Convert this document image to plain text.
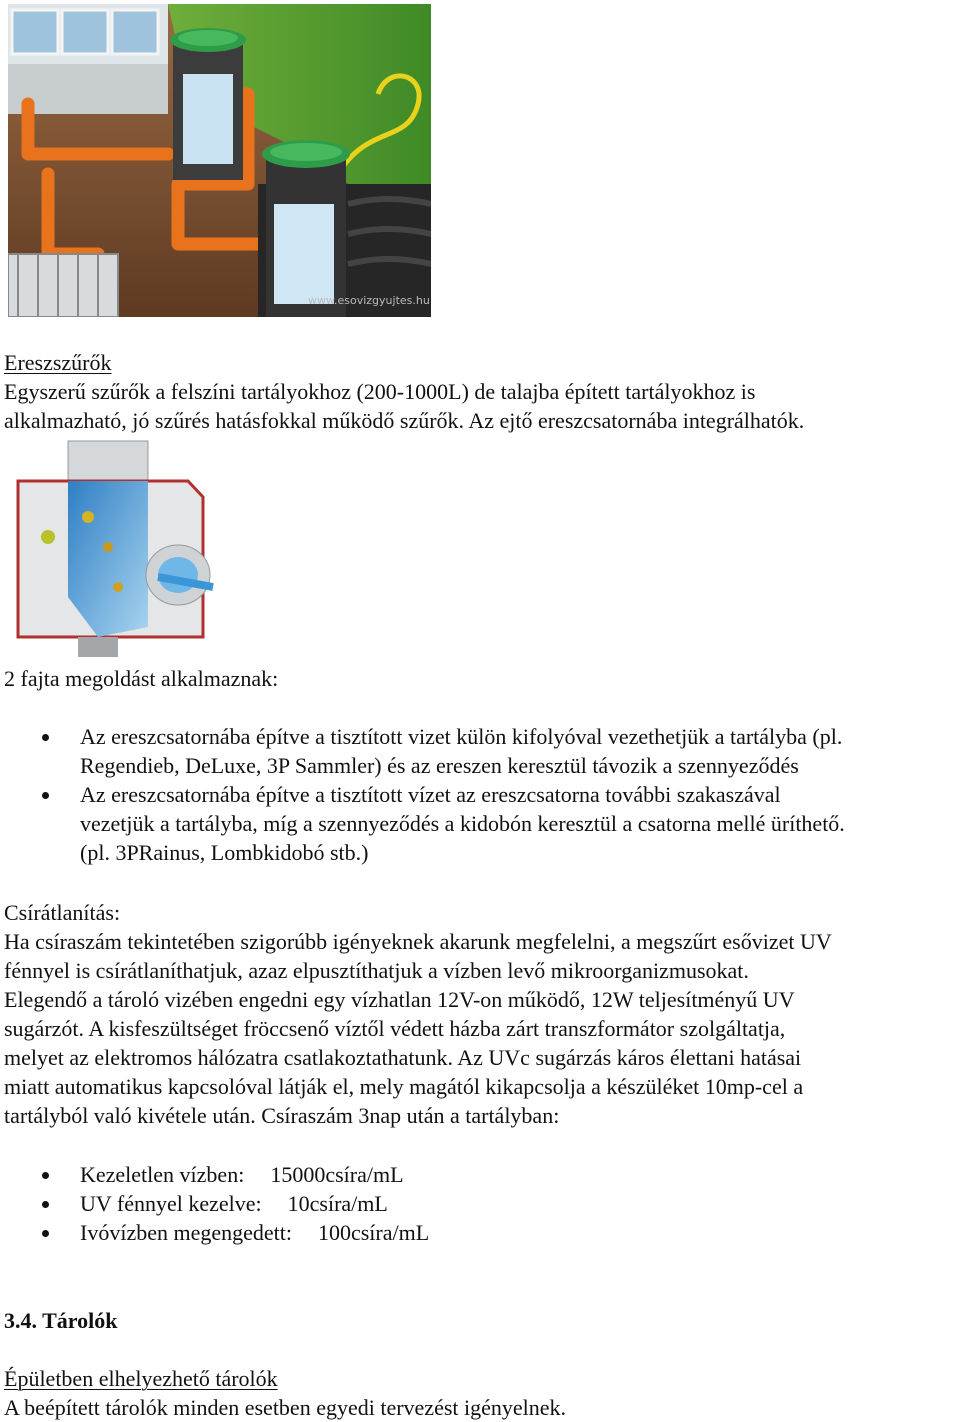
www.esovizgyujtes.hu
Ereszszűrők
Egyszerű szűrők a felszíni tartályokhoz (200-1000L) de talajba épített tartályokhoz is
alkalmazható, jó szűrés hatásfokkal működő szűrők. Az ejtő ereszcsatornába integrálhatók.
2 fajta megoldást alkalmaznak:
Az ereszcsatornába építve a tisztított vizet külön kifolyóval vezethetjük a tartályba (pl.
Regendieb, DeLuxe, 3P Sammler) és az ereszen keresztül távozik a szennyeződés
Az ereszcsatornába építve a tisztított vízet az ereszcsatorna további szakaszával
vezetjük a tartályba, míg a szennyeződés a kidobón keresztül a csatorna mellé üríthető.
(pl. 3PRainus, Lombkidobó stb.)
Csírátlanítás:
Ha csíraszám tekintetében szigorúbb igényeknek akarunk megfelelni, a megszűrt esővizet UV
fénnyel is csírátlaníthatjuk, azaz elpusztíthatjuk a vízben levő mikroorganizmusokat.
Elegendő a tároló vizében engedni egy vízhatlan 12V-on működő, 12W teljesítményű UV
sugárzót. A kisfeszültséget fröccsenő víztől védett házba zárt transzformátor szolgáltatja,
melyet az elektromos hálózatra csatlakoztathatunk. Az UVc sugárzás káros élettani hatásai
miatt automatikus kapcsolóval látják el, mely magától kikapcsolja a készüléket 10mp-cel a
tartályból való kivétele után. Csíraszám 3nap után a tartályban:
Kezeletlen vízben: 15000csíra/mL
UV fénnyel kezelve: 10csíra/mL
Ivóvízben megengedett: 100csíra/mL
3.4. Tárolók
Épületben elhelyezhető tárolók
A beépített tárolók minden esetben egyedi tervezést igényelnek.
